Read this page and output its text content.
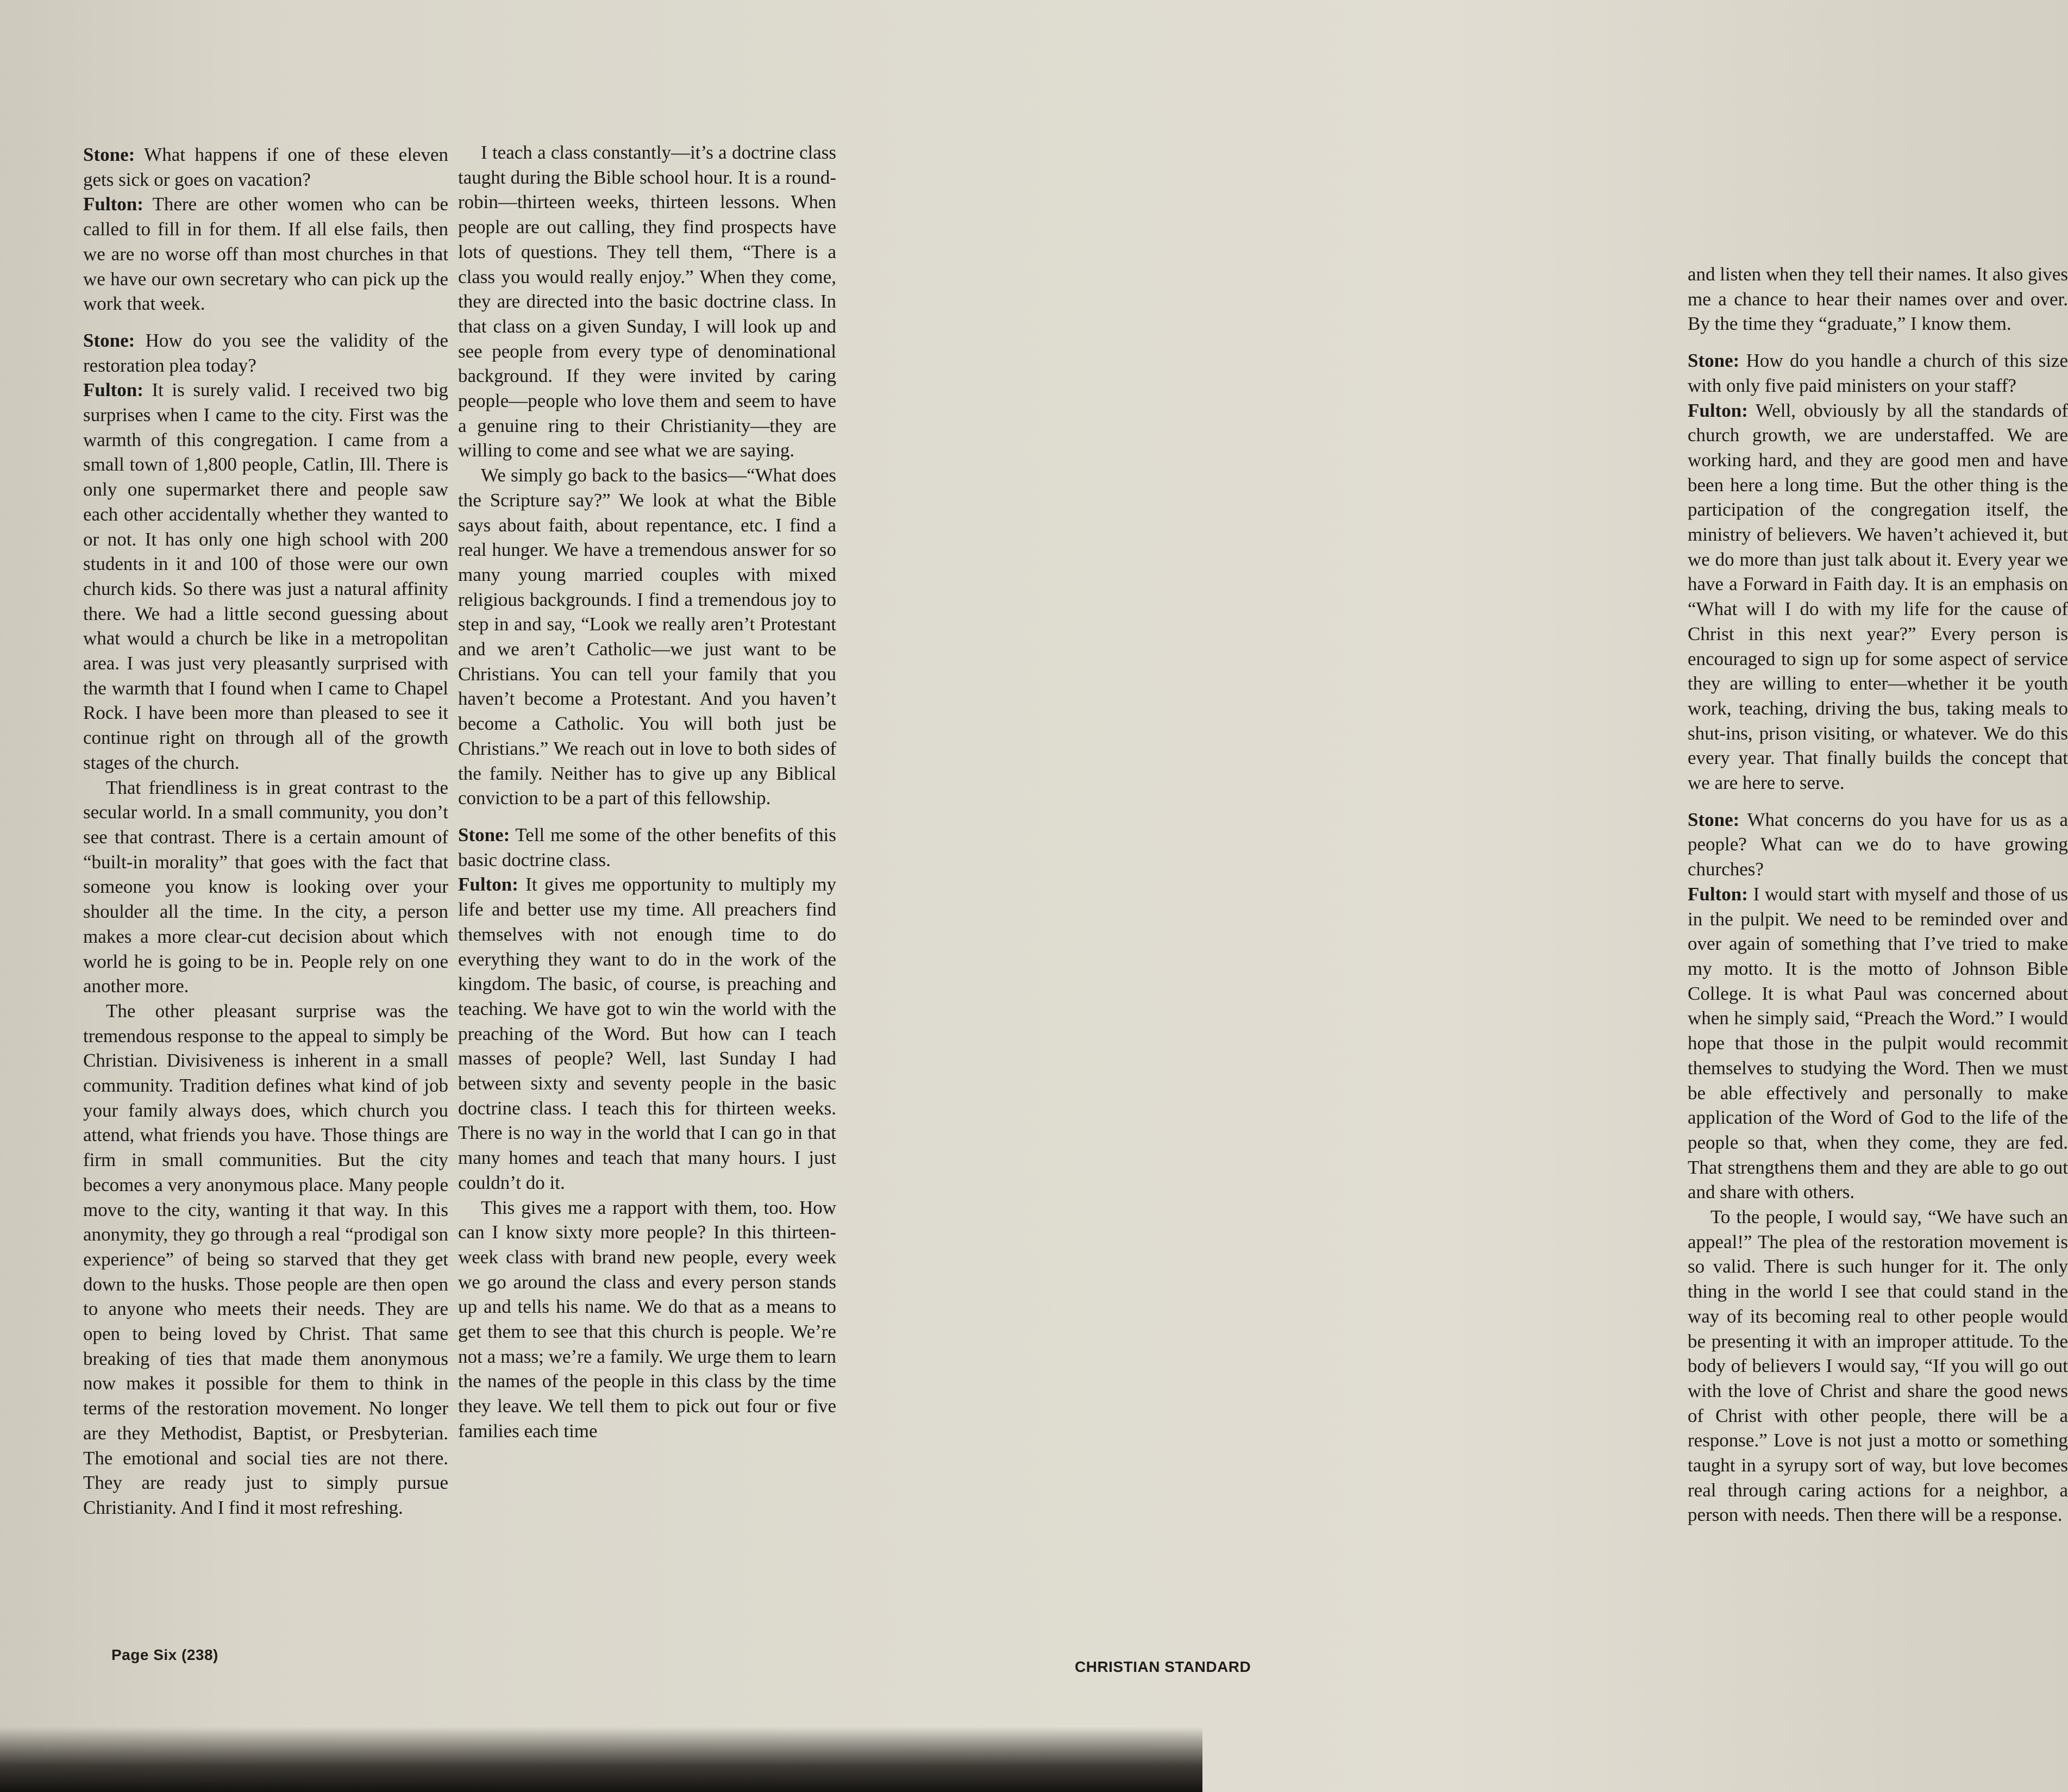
Stone: What happens if one of these eleven gets sick or goes on vacation?

Fulton: There are other women who can be called to fill in for them. If all else fails, then we are no worse off than most churches in that we have our own secretary who can pick up the work that week.

Stone: How do you see the validity of the restoration plea today?

Fulton: It is surely valid. I received two big surprises when I came to the city. First was the warmth of this congregation. I came from a small town of 1,800 people, Catlin, Ill. There is only one supermarket there and people saw each other accidentally whether they wanted to or not. It has only one high school with 200 students in it and 100 of those were our own church kids. So there was just a natural affinity there. We had a little second guessing about what would a church be like in a metropolitan area. I was just very pleasantly surprised with the warmth that I found when I came to Chapel Rock. I have been more than pleased to see it continue right on through all of the growth stages of the church.

That friendliness is in great contrast to the secular world. In a small community, you don’t see that contrast. There is a certain amount of “built-in morality” that goes with the fact that someone you know is looking over your shoulder all the time. In the city, a person makes a more clear-cut decision about which world he is going to be in. People rely on one another more.

The other pleasant surprise was the tremendous response to the appeal to simply be Christian. Divisiveness is inherent in a small community. Tradition defines what kind of job your family always does, which church you attend, what friends you have. Those things are firm in small communities. But the city becomes a very anonymous place. Many people move to the city, wanting it that way. In this anonymity, they go through a real “prodigal son experience” of being so starved that they get down to the husks. Those people are then open to anyone who meets their needs. They are open to being loved by Christ. That same breaking of ties that made them anonymous now makes it possible for them to think in terms of the restoration movement. No longer are they Methodist, Baptist, or Presbyterian. The emotional and social ties are not there. They are ready just to simply pursue Christianity. And I find it most refreshing.

I teach a class constantly—it’s a doctrine class taught during the Bible school hour. It is a round-robin—thirteen weeks, thirteen lessons. When people are out calling, they find prospects have lots of questions. They tell them, “There is a class you would really enjoy.” When they come, they are directed into the basic doctrine class. In that class on a given Sunday, I will look up and see people from every type of denominational background. If they were invited by caring people—people who love them and seem to have a genuine ring to their Christianity—they are willing to come and see what we are saying.

We simply go back to the basics—“What does the Scripture say?” We look at what the Bible says about faith, about repentance, etc. I find a real hunger. We have a tremendous answer for so many young married couples with mixed religious backgrounds. I find a tremendous joy to step in and say, “Look we really aren’t Protestant and we aren’t Catholic—we just want to be Christians. You can tell your family that you haven’t become a Protestant. And you haven’t become a Catholic. You will both just be Christians.” We reach out in love to both sides of the family. Neither has to give up any Biblical conviction to be a part of this fellowship.

Stone: Tell me some of the other benefits of this basic doctrine class.

Fulton: It gives me opportunity to multiply my life and better use my time. All preachers find themselves with not enough time to do everything they want to do in the work of the kingdom. The basic, of course, is preaching and teaching. We have got to win the world with the preaching of the Word. But how can I teach masses of people? Well, last Sunday I had between sixty and seventy people in the basic doctrine class. I teach this for thirteen weeks. There is no way in the world that I can go in that many homes and teach that many hours. I just couldn’t do it.

This gives me a rapport with them, too. How can I know sixty more people? In this thirteen-week class with brand new people, every week we go around the class and every person stands up and tells his name. We do that as a means to get them to see that this church is people. We’re not a mass; we’re a family. We urge them to learn the names of the people in this class by the time they leave. We tell them to pick out four or five families each time

and listen when they tell their names. It also gives me a chance to hear their names over and over. By the time they “graduate,” I know them.

Stone: How do you handle a church of this size with only five paid ministers on your staff?

Fulton: Well, obviously by all the standards of church growth, we are understaffed. We are working hard, and they are good men and have been here a long time. But the other thing is the participation of the congregation itself, the ministry of believers. We haven’t achieved it, but we do more than just talk about it. Every year we have a Forward in Faith day. It is an emphasis on “What will I do with my life for the cause of Christ in this next year?” Every person is encouraged to sign up for some aspect of service they are willing to enter—whether it be youth work, teaching, driving the bus, taking meals to shut-ins, prison visiting, or whatever. We do this every year. That finally builds the concept that we are here to serve.

Stone: What concerns do you have for us as a people? What can we do to have growing churches?

Fulton: I would start with myself and those of us in the pulpit. We need to be reminded over and over again of something that I’ve tried to make my motto. It is the motto of Johnson Bible College. It is what Paul was concerned about when he simply said, “Preach the Word.” I would hope that those in the pulpit would recommit themselves to studying the Word. Then we must be able effectively and personally to make application of the Word of God to the life of the people so that, when they come, they are fed. That strengthens them and they are able to go out and share with others.

To the people, I would say, “We have such an appeal!” The plea of the restoration movement is so valid. There is such hunger for it. The only thing in the world I see that could stand in the way of its becoming real to other people would be presenting it with an improper attitude. To the body of believers I would say, “If you will go out with the love of Christ and share the good news of Christ with other people, there will be a response.” Love is not just a motto or something taught in a syrupy sort of way, but love becomes real through caring actions for a neighbor, a person with needs. Then there will be a response.

Page Six (238)
CHRISTIAN STANDARD
